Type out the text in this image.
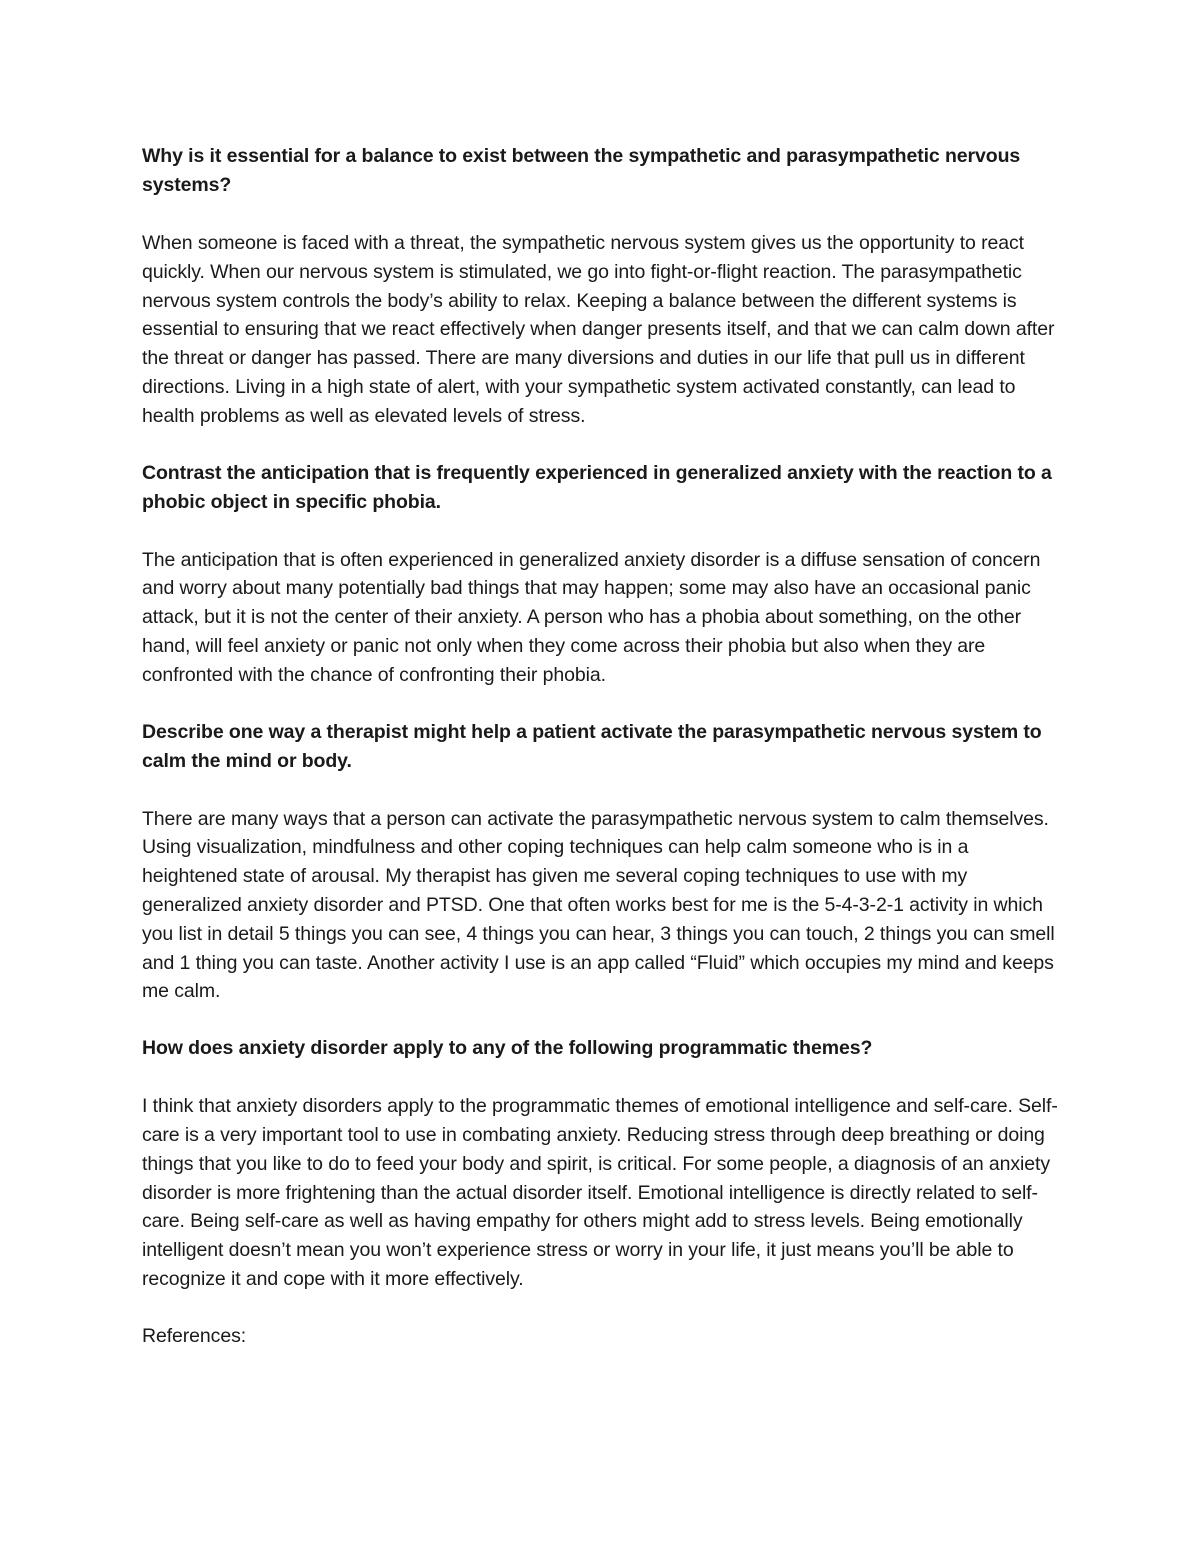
Why is it essential for a balance to exist between the sympathetic and parasympathetic nervous systems?

When someone is faced with a threat, the sympathetic nervous system gives us the opportunity to react quickly. When our nervous system is stimulated, we go into fight-or-flight reaction. The parasympathetic nervous system controls the body’s ability to relax. Keeping a balance between the different systems is essential to ensuring that we react effectively when danger presents itself, and that we can calm down after the threat or danger has passed. There are many diversions and duties in our life that pull us in different directions. Living in a high state of alert, with your sympathetic system activated constantly, can lead to health problems as well as elevated levels of stress.

Contrast the anticipation that is frequently experienced in generalized anxiety with the reaction to a phobic object in specific phobia.

The anticipation that is often experienced in generalized anxiety disorder is a diffuse sensation of concern and worry about many potentially bad things that may happen; some may also have an occasional panic attack, but it is not the center of their anxiety. A person who has a phobia about something, on the other hand, will feel anxiety or panic not only when they come across their phobia but also when they are confronted with the chance of confronting their phobia.

Describe one way a therapist might help a patient activate the parasympathetic nervous system to calm the mind or body.

There are many ways that a person can activate the parasympathetic nervous system to calm themselves. Using visualization, mindfulness and other coping techniques can help calm someone who is in a heightened state of arousal. My therapist has given me several coping techniques to use with my generalized anxiety disorder and PTSD. One that often works best for me is the 5-4-3-2-1 activity in which you list in detail 5 things you can see, 4 things you can hear, 3 things you can touch, 2 things you can smell and 1 thing you can taste. Another activity I use is an app called “Fluid” which occupies my mind and keeps me calm.

How does anxiety disorder apply to any of the following programmatic themes?

I think that anxiety disorders apply to the programmatic themes of emotional intelligence and self-care. Self-care is a very important tool to use in combating anxiety. Reducing stress through deep breathing or doing things that you like to do to feed your body and spirit, is critical. For some people, a diagnosis of an anxiety disorder is more frightening than the actual disorder itself. Emotional intelligence is directly related to self-care. Being self-care as well as having empathy for others might add to stress levels. Being emotionally intelligent doesn’t mean you won’t experience stress or worry in your life, it just means you’ll be able to recognize it and cope with it more effectively.

References:
